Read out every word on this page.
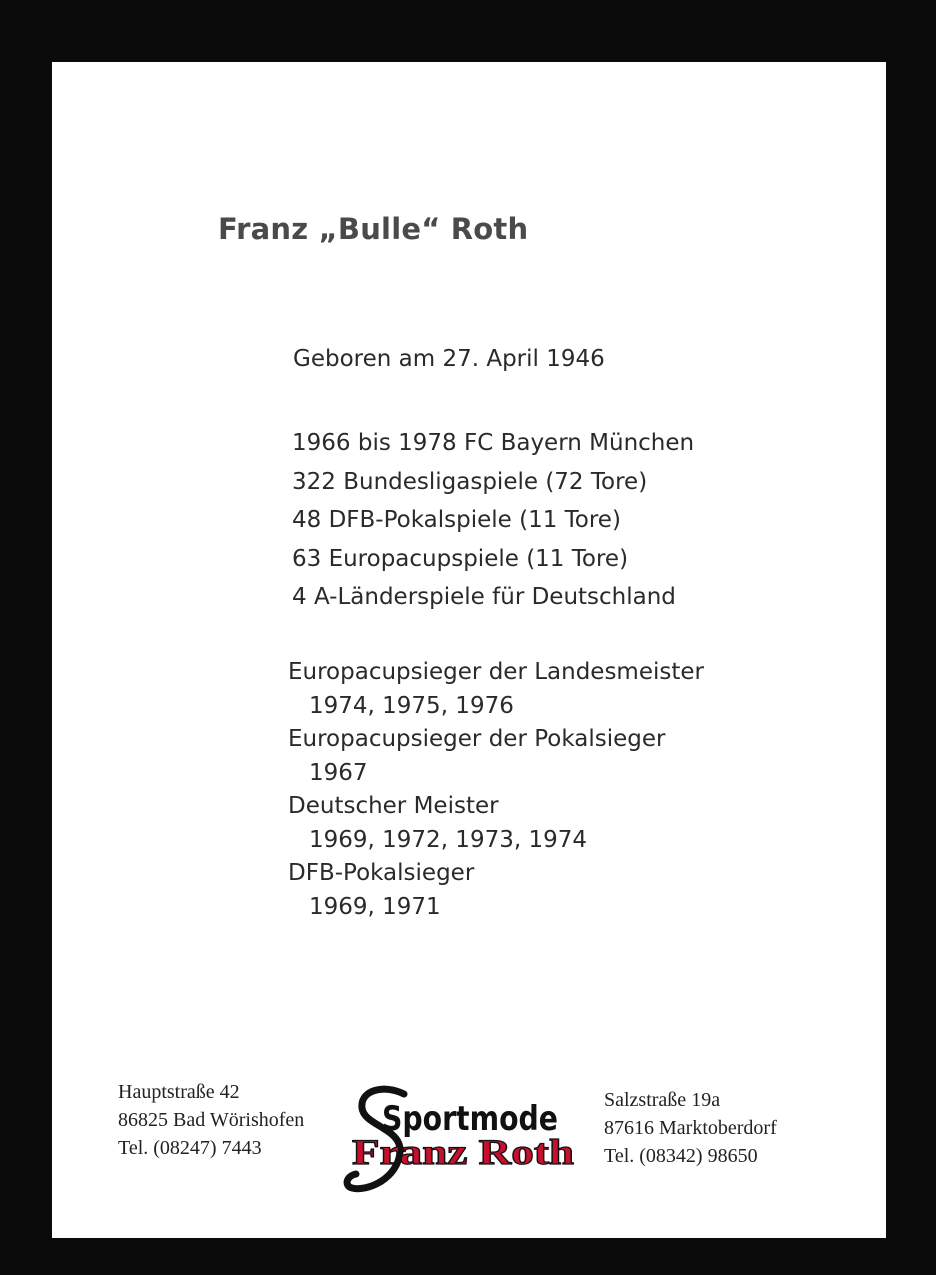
Franz „Bulle“ Roth

Geboren am 27. April 1946

1966 bis 1978 FC Bayern München

322 Bundesligaspiele (72 Tore)

48 DFB-Pokalspiele (11 Tore)

63 Europacupspiele (11 Tore)

4 A-Länderspiele für Deutschland

Europacupsieger der Landesmeister

1974, 1975, 1976

Europacupsieger der Pokalsieger

1967

Deutscher Meister

1969, 1972, 1973, 1974

DFB-Pokalsieger

1969, 1971

Hauptstraße 42
86825 Bad Wörishofen
Tel. (08247) 7443
Sportmode
Franz Roth
Salzstraße 19a
87616 Marktoberdorf
Tel. (08342) 98650
